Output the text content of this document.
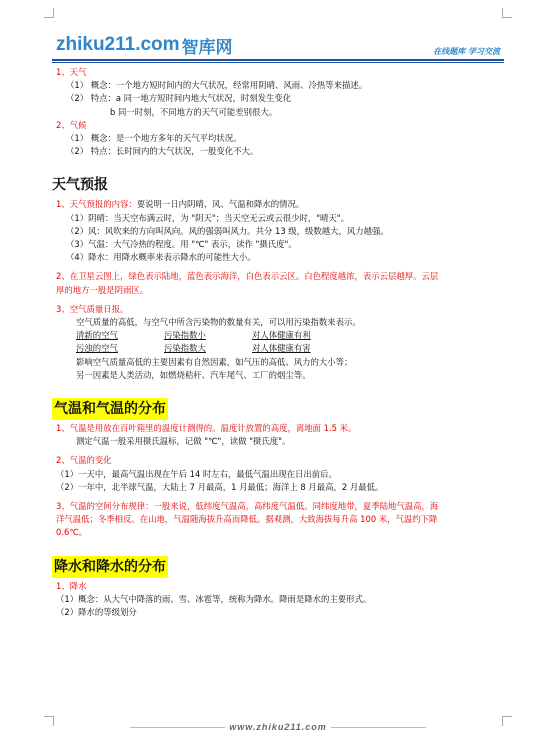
zhiku211.com 智库网	在线题库 学习交流
1、天气
（1） 概念：一个地方短时间内的大气状况，经常用阴晴、风雨、冷热等来描述。
（2） 特点：a 同一地方短时间内地大气状况，时刻发生变化
b 同一时刻，不同地方的天气可能差别很大。
2、气候
（1） 概念：是一个地方多年的天气平均状况。
（2） 特点：长时间内的大气状况，一般变化不大。
天气预报
1、天气预报的内容：要说明一日内阴晴、风、气温和降水的情况。
（1）阴晴：当天空布满云时，为 "阴天"；当天空无云或云很少时，"晴天"。
（2）风：风吹来的方向叫风向。风的强弱叫风力。共分 13 级，级数越大，风力越强。
（3）气温：大气冷热的程度。用 "℃" 表示，读作 "摄氏度"。
（4）降水：用降水概率来表示降水的可能性大小。
2、在卫星云图上，绿色表示陆地，蓝色表示海洋，白色表示云区。白色程度越浓，表示云层越厚。云层
厚的地方一般是阴雨区。
3、空气质量日报。
空气质量的高低，与空气中所含污染物的数量有关，可以用污染指数来表示。
清新的空气	污染指数小	对人体健康有利
污浊的空气	污染指数大	对人体健康有害
影响空气质量高低的主要因素有自然因素，如气压的高低、风力的大小等；
另一因素是人类活动，如燃烧秸秆、汽车尾气、工厂的烟尘等。
气温和气温的分布
1、气温是用放在百叶箱里的温度计测得的。温度计放置的高度，离地面 1.5 米。
测定气温一般采用摄氏温标，记做 "℃"，读做 "摄氏度"。
2、气温的变化
（1）一天中，最高气温出现在午后 14 时左右，最低气温出现在日出前后。
（2）一年中，北半球气温，大陆上 7 月最高，1 月最低；海洋上 8 月最高，2 月最低。
3、气温的空间分布规律：一般来说，低纬度气温高，高纬度气温低。同纬度地带，夏季陆地气温高，海
洋气温低；冬季相反。在山地，气温随海拔升高而降低。据观测，大致海拔每升高 100 米，气温约下降
0.6℃。
降水和降水的分布
1、降水
（1）概念：从大气中降落的雨、雪、冰雹等，统称为降水。降雨是降水的主要形式。
（2）降水的等级划分
www.zhiku211.com
